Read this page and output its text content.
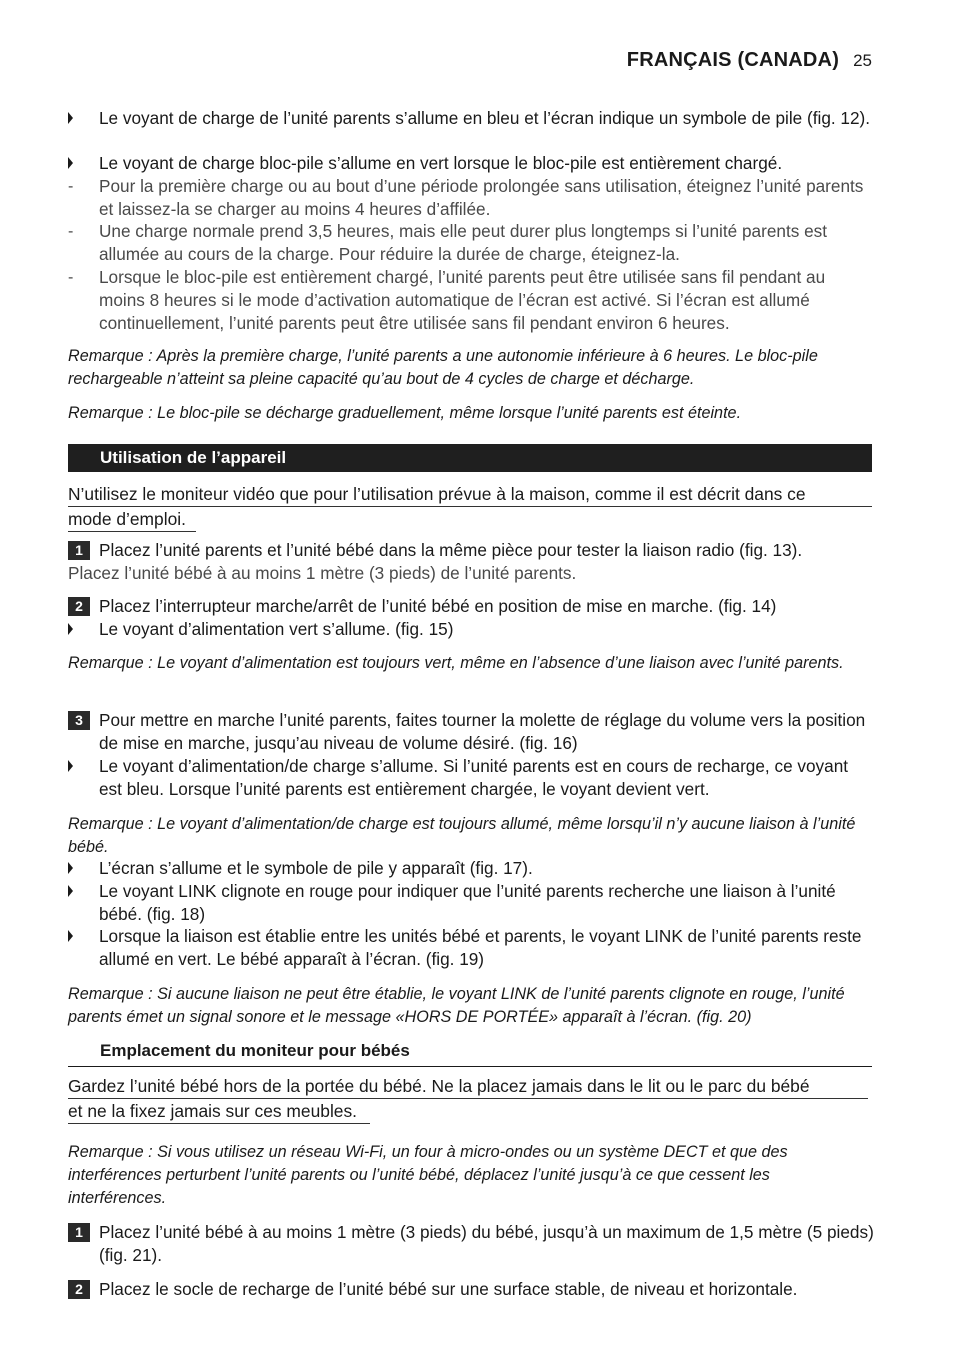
FRANÇAIS (CANADA) 25
Le voyant de charge de l’unité parents s’allume en bleu et l’écran indique un symbole de pile (fig. 12).
Le voyant de charge bloc-pile s’allume en vert lorsque le bloc-pile est entièrement chargé.
-	Pour la première charge ou au bout d’une période prolongée sans utilisation, éteignez l’unité parents et laissez-la se charger au moins 4 heures d’affilée.
-	Une charge normale prend 3,5 heures, mais elle peut durer plus longtemps si l’unité parents est allumée au cours de la charge. Pour réduire la durée de charge, éteignez-la.
-	Lorsque le bloc-pile est entièrement chargé, l’unité parents peut être utilisée sans fil pendant au moins 8 heures si le mode d’activation automatique de l’écran est activé. Si l’écran est allumé continuellement, l’unité parents peut être utilisée sans fil pendant environ 6 heures.
Remarque : Après la première charge, l’unité parents a une autonomie inférieure à 6 heures. Le bloc-pile rechargeable n’atteint sa pleine capacité qu’au bout de 4 cycles de charge et décharge.
Remarque : Le bloc-pile se décharge graduellement, même lorsque l’unité parents est éteinte.
Utilisation de l’appareil
N’utilisez le moniteur vidéo que pour l’utilisation prévue à la maison, comme il est décrit dans ce
mode d’emploi.
1 Placez l’unité parents et l’unité bébé dans la même pièce pour tester la liaison radio (fig. 13).
Placez l’unité bébé à au moins 1 mètre (3 pieds) de l’unité parents.
2 Placez l’interrupteur marche/arrêt de l’unité bébé en position de mise en marche. (fig. 14)
Le voyant d’alimentation vert s’allume. (fig. 15)
Remarque : Le voyant d’alimentation est toujours vert, même en l’absence d’une liaison avec l’unité parents.
3 Pour mettre en marche l’unité parents, faites tourner la molette de réglage du volume vers la position de mise en marche, jusqu’au niveau de volume désiré. (fig. 16)
Le voyant d’alimentation/de charge s’allume. Si l’unité parents est en cours de recharge, ce voyant est bleu. Lorsque l’unité parents est entièrement chargée, le voyant devient vert.
Remarque : Le voyant d’alimentation/de charge est toujours allumé, même lorsqu’il n’y aucune liaison à l’unité bébé.
L’écran s’allume et le symbole de pile y apparaît (fig. 17).
Le voyant LINK clignote en rouge pour indiquer que l’unité parents recherche une liaison à l’unité bébé. (fig. 18)
Lorsque la liaison est établie entre les unités bébé et parents, le voyant LINK de l’unité parents reste allumé en vert. Le bébé apparaît à l’écran. (fig. 19)
Remarque : Si aucune liaison ne peut être établie, le voyant LINK de l’unité parents clignote en rouge, l’unité parents émet un signal sonore et le message «HORS DE PORTÉE» apparaît à l’écran. (fig. 20)
Emplacement du moniteur pour bébés
Gardez l’unité bébé hors de la portée du bébé. Ne la placez jamais dans le lit ou le parc du bébé
et ne la fixez jamais sur ces meubles.
Remarque : Si vous utilisez un réseau Wi-Fi, un four à micro-ondes ou un système DECT et que des interférences perturbent l’unité parents ou l’unité bébé, déplacez l’unité jusqu’à ce que cessent les interférences.
1 Placez l’unité bébé à au moins 1 mètre (3 pieds) du bébé, jusqu’à un maximum de 1,5 mètre (5 pieds) (fig. 21).
2 Placez le socle de recharge de l’unité bébé sur une surface stable, de niveau et horizontale.
